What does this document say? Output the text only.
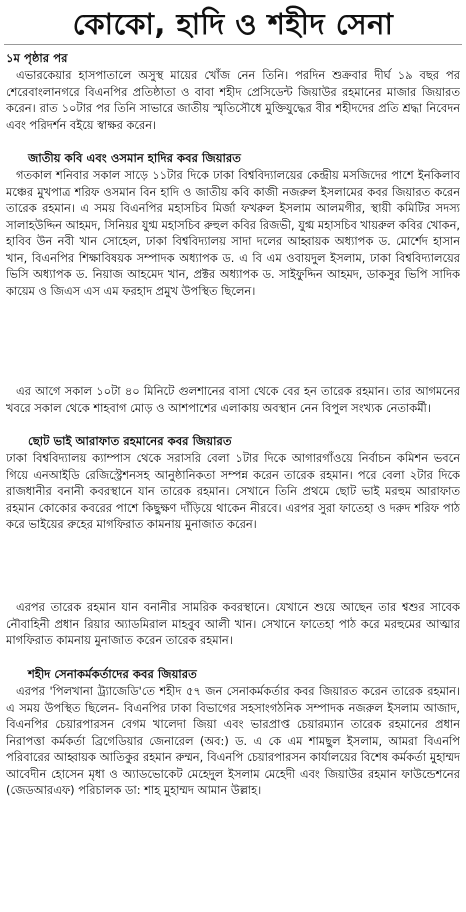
কোকো, হাদি ও শহীদ সেনা

১ম পৃষ্ঠার পর

এভারকেয়ার হাসপাতালে অসুস্থ মায়ের খোঁজ নেন তিনি। পরদিন শুক্রবার দীর্ঘ ১৯ বছর পর শেরেবাংলানগরে বিএনপির প্রতিষ্ঠাতা ও বাবা শহীদ প্রেসিডেন্ট জিয়াউর রহমানের মাজার জিয়ারত করেন। রাত ১০টার পর তিনি সাভারে জাতীয় স্মৃতিসৌধে মুক্তিযুদ্ধের বীর শহীদদের প্রতি শ্রদ্ধা নিবেদন এবং পরিদর্শন বইয়ে স্বাক্ষর করেন।

জাতীয় কবি এবং ওসমান হাদির কবর জিয়ারত

গতকাল শনিবার সকাল সাড়ে ১১টার দিকে ঢাকা বিশ্ববিদ্যালয়ের কেন্দ্রীয় মসজিদের পাশে ইনকিলাব মঞ্চের মুখপাত্র শরিফ ওসমান বিন হাদি ও জাতীয় কবি কাজী নজরুল ইসলামের কবর জিয়ারত করেন তারেক রহমান। এ সময় বিএনপির মহাসচিব মির্জা ফখরুল ইসলাম আলমগীর, স্থায়ী কমিটির সদস্য সালাহউদ্দিন আহমদ, সিনিয়র যুগ্ম মহাসচিব রুহুল কবির রিজভী, যুগ্ম মহাসচিব খায়রুল কবির খোকন, হাবিব উন নবী খান সোহেল, ঢাকা বিশ্ববিদ্যালয় সাদা দলের আহ্বায়ক অধ্যাপক ড. মোর্শেদ হাসান খান, বিএনপির শিক্ষাবিষয়ক সম্পাদক অধ্যাপক ড. এ বি এম ওবায়দুল ইসলাম, ঢাকা বিশ্ববিদ্যালয়ের ভিসি অধ্যাপক ড. নিয়াজ আহমেদ খান, প্রক্টর অধ্যাপক ড. সাইফুদ্দিন আহমদ, ডাকসুর ভিপি সাদিক কায়েম ও জিএস এস এম ফরহাদ প্রমুখ উপস্থিত ছিলেন।

এর আগে সকাল ১০টা ৪০ মিনিটে গুলশানের বাসা থেকে বের হন তারেক রহমান। তার আগমনের খবরে সকাল থেকে শাহবাগ মোড় ও আশপাশের এলাকায় অবস্থান নেন বিপুল সংখ্যক নেতাকর্মী।

ছোট ভাই আরাফাত রহমানের কবর জিয়ারত

ঢাকা বিশ্ববিদ্যালয় ক্যাম্পাস থেকে সরাসরি বেলা ১টার দিকে আগারগাঁওয়ে নির্বাচন কমিশন ভবনে গিয়ে এনআইডি রেজিস্ট্রেশনসহ আনুষ্ঠানিকতা সম্পন্ন করেন তারেক রহমান। পরে বেলা ২টার দিকে রাজধানীর বনানী কবরস্থানে যান তারেক রহমান। সেখানে তিনি প্রথমে ছোট ভাই মরহুম আরাফাত রহমান কোকোর কবরের পাশে কিছুক্ষণ দাঁড়িয়ে থাকেন নীরবে। এরপর সুরা ফাতেহা ও দরুদ শরিফ পাঠ করে ভাইয়ের রুহের মাগফিরাত কামনায় মুনাজাত করেন।

এরপর তারেক রহমান যান বনানীর সামরিক কবরস্থানে। যেখানে শুয়ে আছেন তার শ্বশুর সাবেক নৌবাহিনী প্রধান রিয়ার অ্যাডমিরাল মাহবুব আলী খান। সেখানে ফাতেহা পাঠ করে মরহুমের আত্মার মাগফিরাত কামনায় মুনাজাত করেন তারেক রহমান।

শহীদ সেনাকর্মকর্তাদের কবর জিয়ারত

এরপর 'পিলখানা ট্র্যাজেডি'তে শহীদ ৫৭ জন সেনাকর্মকর্তার কবর জিয়ারত করেন তারেক রহমান। এ সময় উপস্থিত ছিলেন- বিএনপির ঢাকা বিভাগের সহসাংগঠনিক সম্পাদক নজরুল ইসলাম আজাদ, বিএনপির চেয়ারপারসন বেগম খালেদা জিয়া এবং ভারপ্রাপ্ত চেয়ারম্যান তারেক রহমানের প্রধান নিরাপত্তা কর্মকর্তা ব্রিগেডিয়ার জেনারেল (অব:) ড. এ কে এম শামছুল ইসলাম, আমরা বিএনপি পরিবারের আহ্বায়ক আতিকুর রহমান রুম্মন, বিএনপি চেয়ারপারসন কার্যালয়ের বিশেষ কর্মকর্তা মুহাম্মদ আবেদীন হোসেন মৃধা ও অ্যাডভোকেট মেহেদুল ইসলাম মেহেদী এবং জিয়াউর রহমান ফাউন্ডেশনের (জেডআরএফ) পরিচালক ডা: শাহ মুহাম্মদ আমান উল্লাহ।
